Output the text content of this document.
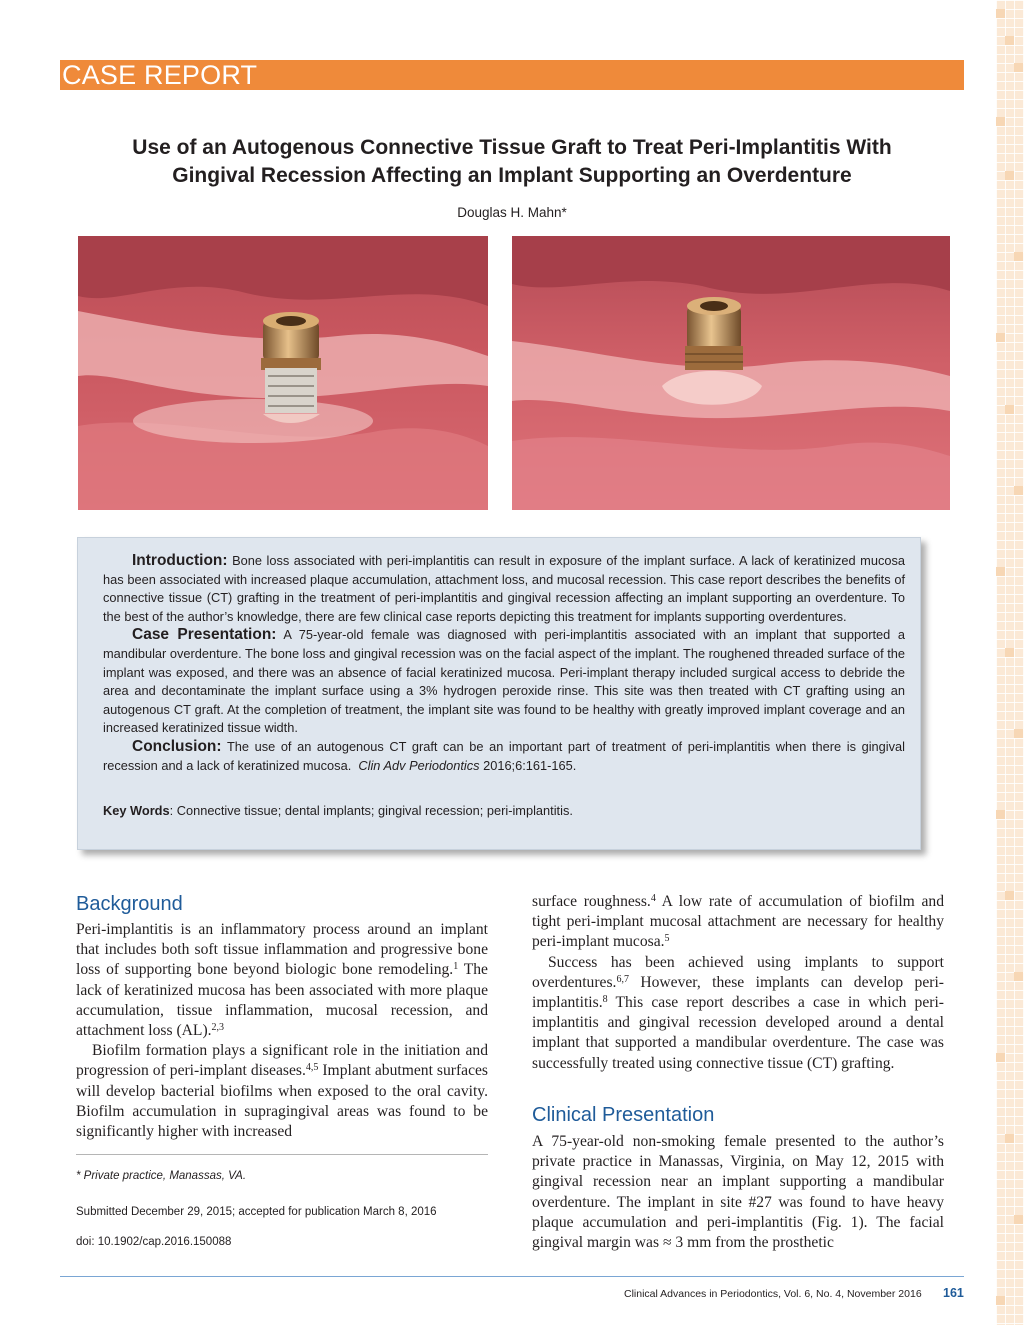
CASE REPORT
Use of an Autogenous Connective Tissue Graft to Treat Peri-Implantitis With
Gingival Recession Affecting an Implant Supporting an Overdenture
Douglas H. Mahn*

Introduction: Bone loss associated with peri-implantitis can result in exposure of the implant surface. A lack of keratinized mucosa has been associated with increased plaque accumulation, attachment loss, and mucosal recession. This case report describes the benefits of connective tissue (CT) grafting in the treatment of peri-implantitis and gingival recession affecting an implant supporting an overdenture. To the best of the author’s knowledge, there are few clinical case reports depicting this treatment for implants supporting overdentures.

Case Presentation: A 75-year-old female was diagnosed with peri-implantitis associated with an implant that supported a mandibular overdenture. The bone loss and gingival recession was on the facial aspect of the implant. The roughened threaded surface of the implant was exposed, and there was an absence of facial keratinized mucosa. Peri-implant therapy included surgical access to debride the area and decontaminate the implant surface using a 3% hydrogen peroxide rinse. This site was then treated with CT grafting using an autogenous CT graft. At the completion of treatment, the implant site was found to be healthy with greatly improved implant coverage and an increased keratinized tissue width.

Conclusion: The use of an autogenous CT graft can be an important part of treatment of peri-implantitis when there is gingival recession and a lack of keratinized mucosa. Clin Adv Periodontics 2016;6:161-165.

Key Words: Connective tissue; dental implants; gingival recession; peri-implantitis.
Background

Peri-implantitis is an inflammatory process around an implant that includes both soft tissue inflammation and progressive bone loss of supporting bone beyond biologic bone remodeling.$^1$ The lack of keratinized mucosa has been associated with more plaque accumulation, tissue inflammation, mucosal recession, and attachment loss (AL).$^{2,3}$

Biofilm formation plays a significant role in the initiation and progression of peri-implant diseases.$^{4,5}$ Implant abutment surfaces will develop bacterial biofilms when exposed to the oral cavity. Biofilm accumulation in supragingival areas was found to be significantly higher with increased

* Private practice, Manassas, VA.
Submitted December 29, 2015; accepted for publication March 8, 2016
doi: 10.1902/cap.2016.150088

surface roughness.$^4$ A low rate of accumulation of biofilm and tight peri-implant mucosal attachment are necessary for healthy peri-implant mucosa.$^5$

Success has been achieved using implants to support overdentures.$^{6,7}$ However, these implants can develop peri-implantitis.$^8$ This case report describes a case in which peri-implantitis and gingival recession developed around a dental implant that supported a mandibular overdenture. The case was successfully treated using connective tissue (CT) grafting.

Clinical Presentation

A 75-year-old non-smoking female presented to the author’s private practice in Manassas, Virginia, on May 12, 2015 with gingival recession near an implant supporting a mandibular overdenture. The implant in site #27 was found to have heavy plaque accumulation and peri-implantitis (Fig. 1). The facial gingival margin was ≈ 3 mm from the prosthetic

Clinical Advances in Periodontics, Vol. 6, No. 4, November 2016 161
